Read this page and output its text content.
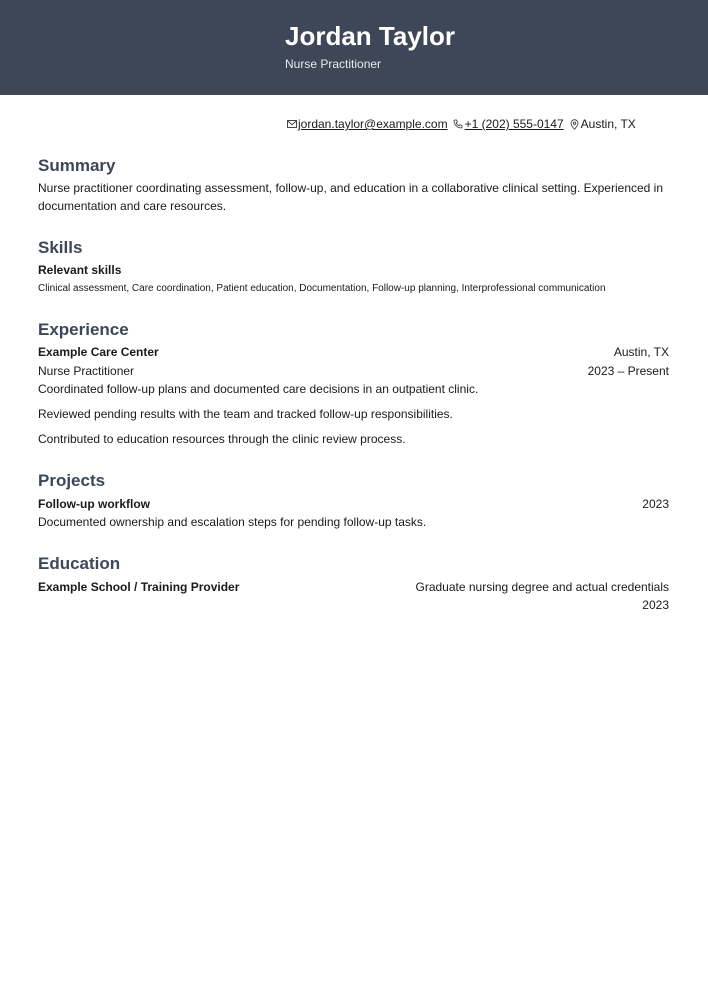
Jordan Taylor
Nurse Practitioner
jordan.taylor@example.com +1 (202) 555-0147 Austin, TX
Summary
Nurse practitioner coordinating assessment, follow-up, and education in a collaborative clinical setting. Experienced in
documentation and care resources.
Skills
Relevant skills
Clinical assessment, Care coordination, Patient education, Documentation, Follow-up planning, Interprofessional communication
Experience
Example Care Center	Austin, TX
Nurse Practitioner	2023 – Present
Coordinated follow-up plans and documented care decisions in an outpatient clinic.
Reviewed pending results with the team and tracked follow-up responsibilities.
Contributed to education resources through the clinic review process.
Projects
Follow-up workflow	2023
Documented ownership and escalation steps for pending follow-up tasks.
Education
Example School / Training Provider	Graduate nursing degree and actual credentials
2023
